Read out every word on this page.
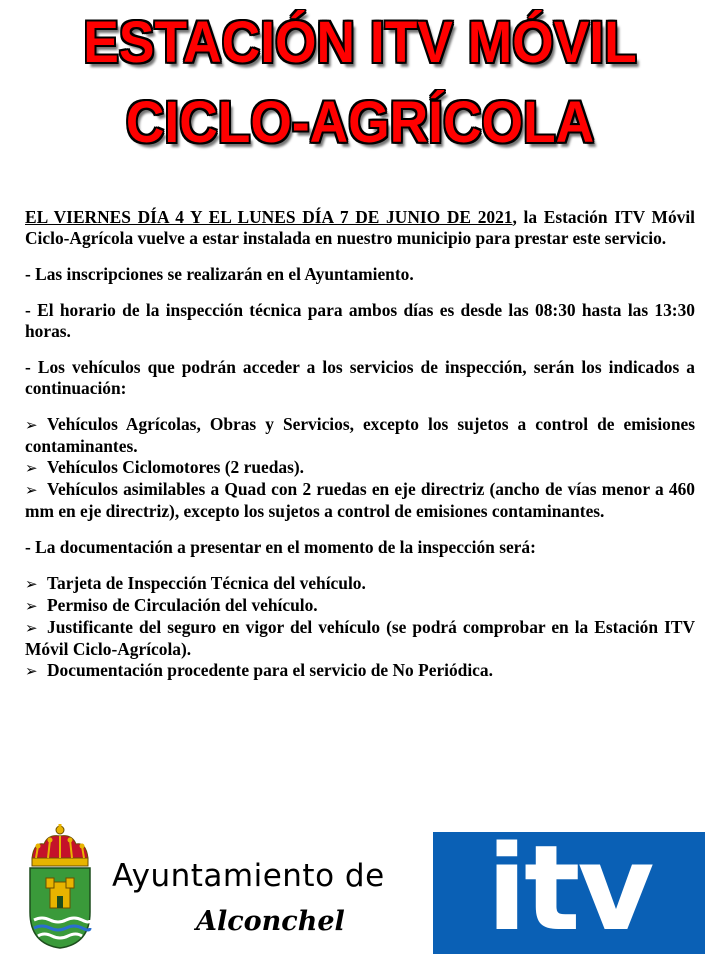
ESTACIÓN ITV MÓVIL
CICLO-AGRÍCOLA

EL VIERNES DÍA 4 Y EL LUNES DÍA 7 DE JUNIO DE 2021, la Estación ITV Móvil Ciclo-Agrícola vuelve a estar instalada en nuestro municipio para prestar este servicio.

- Las inscripciones se realizarán en el Ayuntamiento.

- El horario de la inspección técnica para ambos días es desde las 08:30 hasta las 13:30 horas.

- Los vehículos que podrán acceder a los servicios de inspección, serán los indicados a continuación:

➢ Vehículos Agrícolas, Obras y Servicios, excepto los sujetos a control de emisiones contaminantes.
➢ Vehículos Ciclomotores (2 ruedas).
➢ Vehículos asimilables a Quad con 2 ruedas en eje directriz (ancho de vías menor a 460 mm en eje directriz), excepto los sujetos a control de emisiones contaminantes.

- La documentación a presentar en el momento de la inspección será:

➢ Tarjeta de Inspección Técnica del vehículo.
➢ Permiso de Circulación del vehículo.
➢ Justificante del seguro en vigor del vehículo (se podrá comprobar en la Estación ITV Móvil Ciclo-Agrícola).
➢ Documentación procedente para el servicio de No Periódica.
Ayuntamiento de
Alconchel	itv
